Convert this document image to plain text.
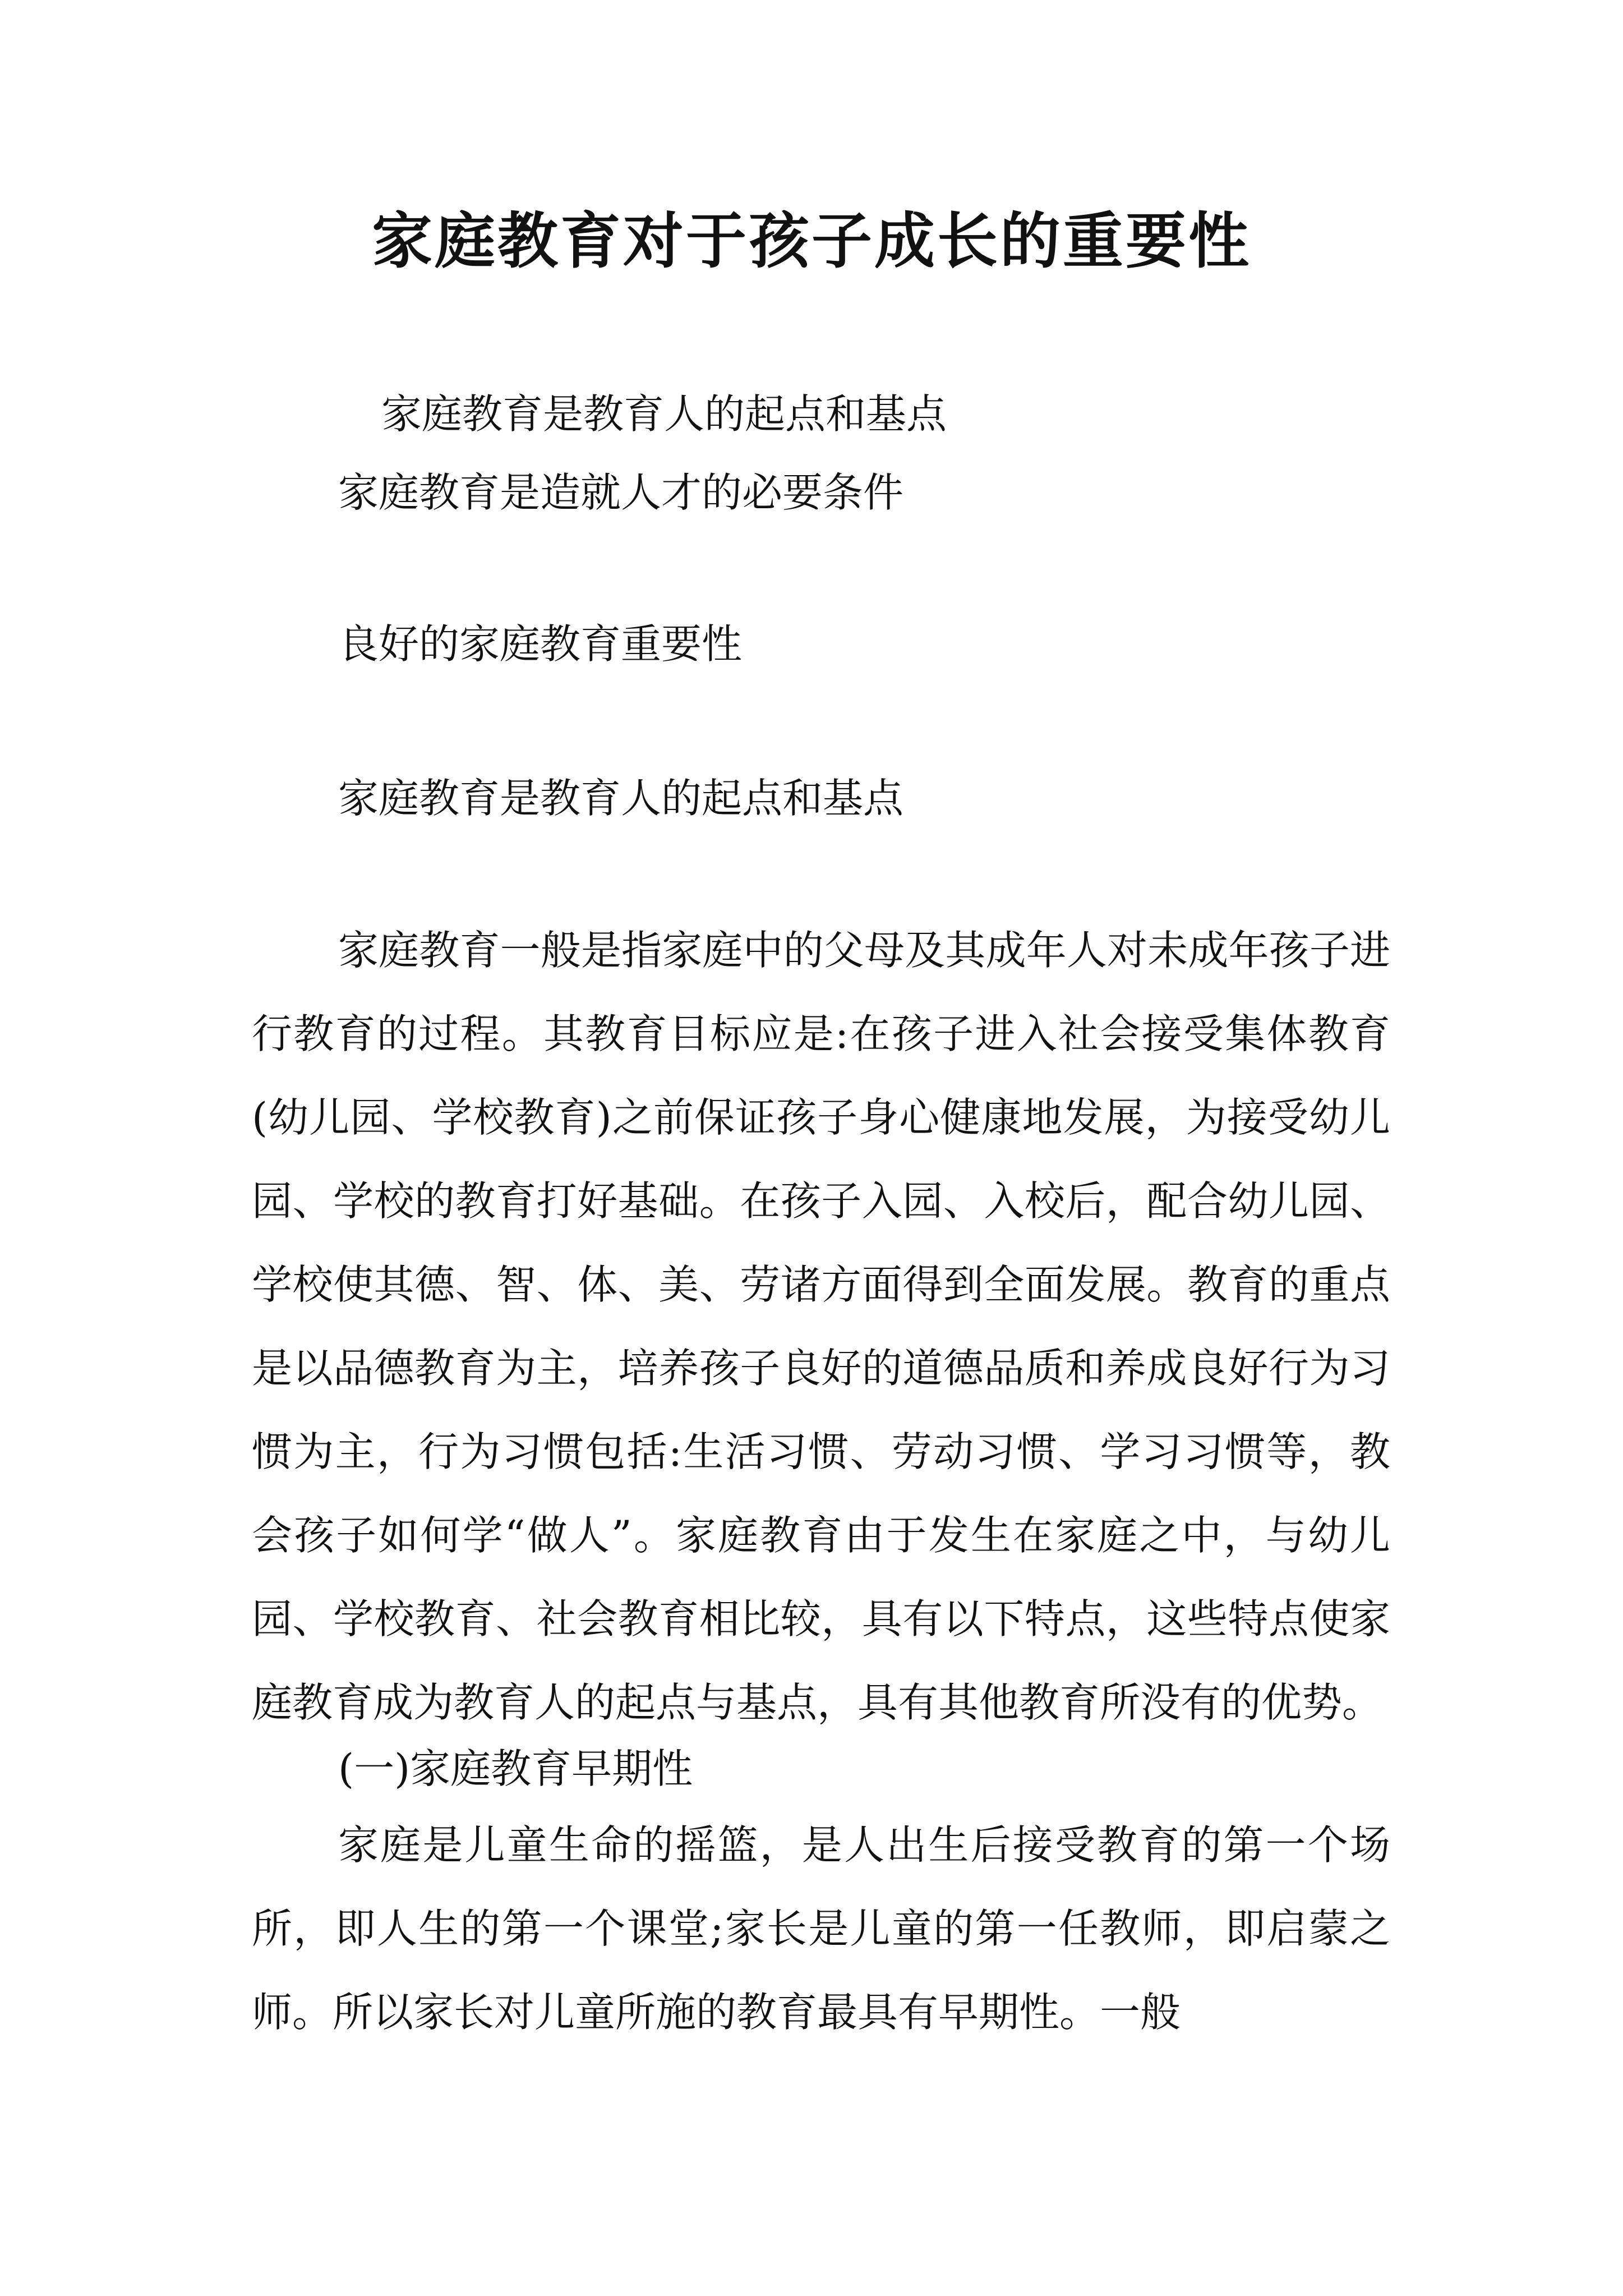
家庭教育对于孩子成长的重要性

家庭教育是教育人的起点和基点

家庭教育是造就人才的必要条件

良好的家庭教育重要性

家庭教育是教育人的起点和基点

家庭教育一般是指家庭中的父母及其成年人对未成年孩子进行教育的过程。其教育目标应是:在孩子进入社会接受集体教育(幼儿园、学校教育)之前保证孩子身心健康地发展，为接受幼儿园、学校的教育打好基础。在孩子入园、入校后，配合幼儿园、学校使其德、智、体、美、劳诸方面得到全面发展。教育的重点是以品德教育为主，培养孩子良好的道德品质和养成良好行为习惯为主，行为习惯包括:生活习惯、劳动习惯、学习习惯等，教会孩子如何学“做人”。家庭教育由于发生在家庭之中，与幼儿园、学校教育、社会教育相比较，具有以下特点，这些特点使家庭教育成为教育人的起点与基点，具有其他教育所没有的优势。

(一)家庭教育早期性

家庭是儿童生命的摇篮，是人出生后接受教育的第一个场所，即人生的第一个课堂;家长是儿童的第一任教师，即启蒙之师。所以家长对儿童所施的教育最具有早期性。一般
